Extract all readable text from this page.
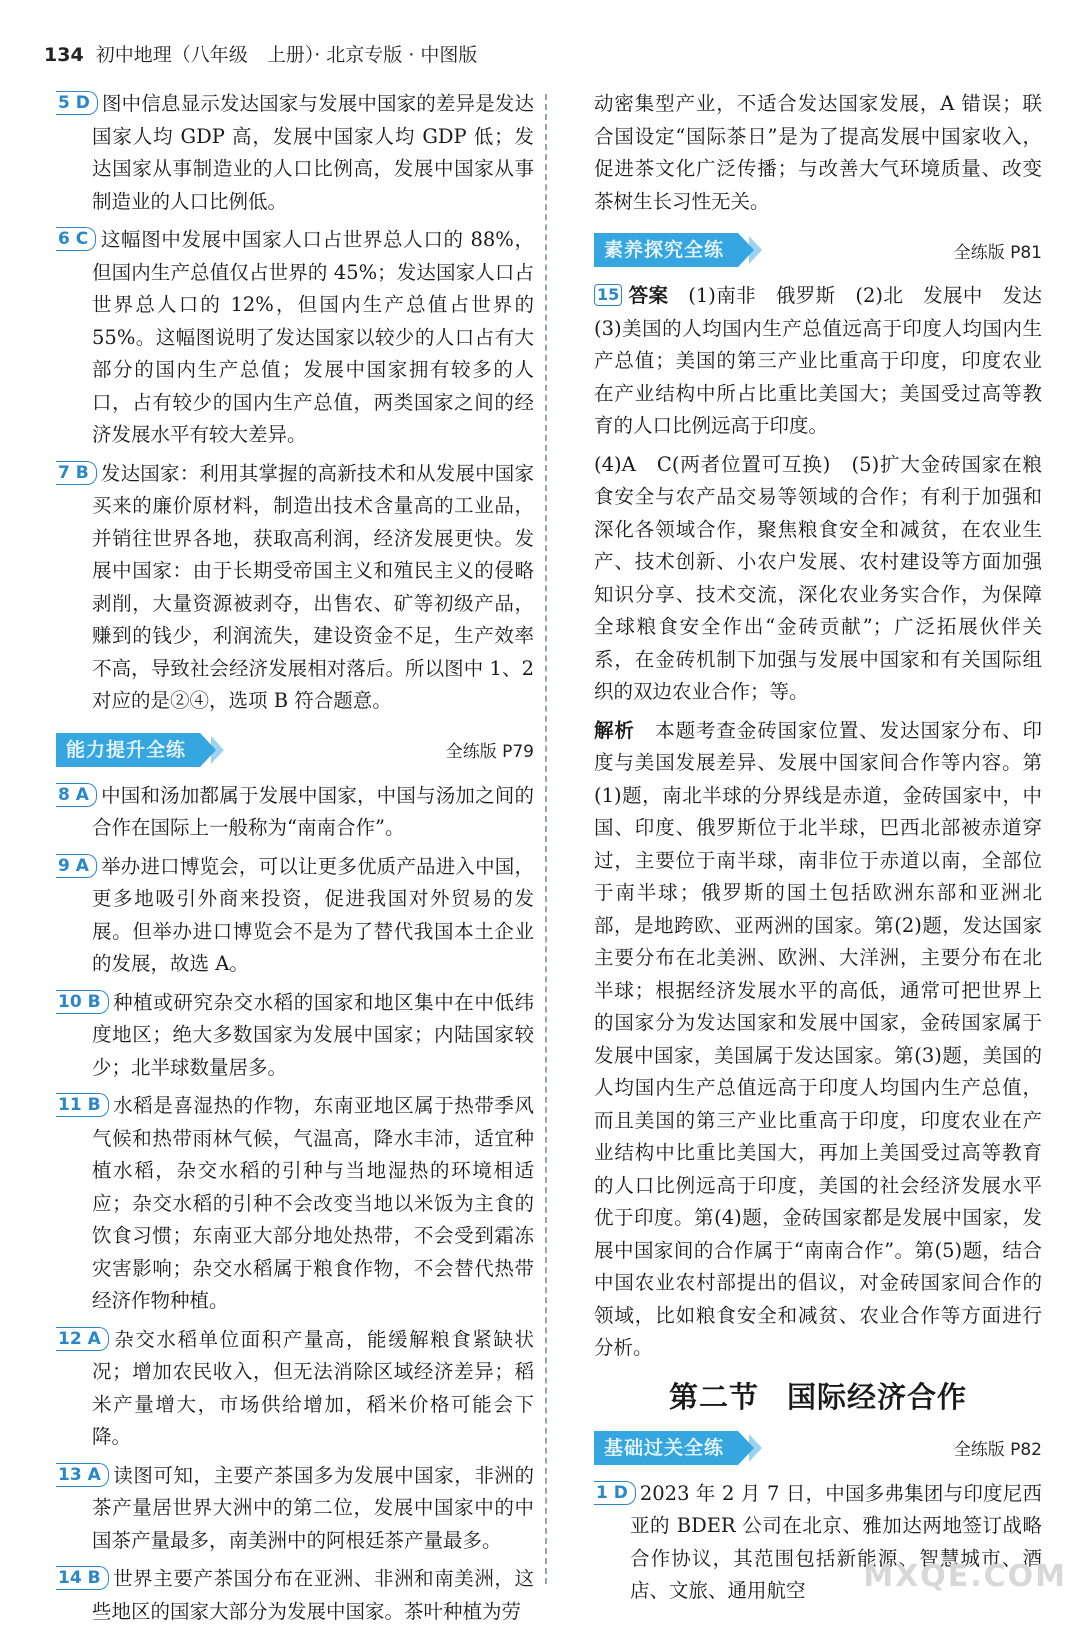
134 初中地理（八年级　上册）· 北京专版 · 中图版

5 D 图中信息显示发达国家与发展中国家的差异是发达国家人均 GDP 高，发展中国家人均 GDP 低；发达国家从事制造业的人口比例高，发展中国家从事制造业的人口比例低。

6 C 这幅图中发展中国家人口占世界总人口的 88%，但国内生产总值仅占世界的 45%；发达国家人口占世界总人口的 12%，但国内生产总值占世界的 55%。这幅图说明了发达国家以较少的人口占有大部分的国内生产总值；发展中国家拥有较多的人口，占有较少的国内生产总值，两类国家之间的经济发展水平有较大差异。

7 B 发达国家：利用其掌握的高新技术和从发展中国家买来的廉价原材料，制造出技术含量高的工业品，并销往世界各地，获取高利润，经济发展更快。发展中国家：由于长期受帝国主义和殖民主义的侵略剥削，大量资源被剥夺，出售农、矿等初级产品，赚到的钱少，利润流失，建设资金不足，生产效率不高，导致社会经济发展相对落后。所以图中 1、2 对应的是②④，选项 B 符合题意。

能力提升全练	全练版 P79

8 A 中国和汤加都属于发展中国家，中国与汤加之间的合作在国际上一般称为“南南合作”。

9 A 举办进口博览会，可以让更多优质产品进入中国，更多地吸引外商来投资，促进我国对外贸易的发展。但举办进口博览会不是为了替代我国本土企业的发展，故选 A。

10 B 种植或研究杂交水稻的国家和地区集中在中低纬度地区；绝大多数国家为发展中国家；内陆国家较少；北半球数量居多。

11 B 水稻是喜湿热的作物，东南亚地区属于热带季风气候和热带雨林气候，气温高，降水丰沛，适宜种植水稻，杂交水稻的引种与当地湿热的环境相适应；杂交水稻的引种不会改变当地以米饭为主食的饮食习惯；东南亚大部分地处热带，不会受到霜冻灾害影响；杂交水稻属于粮食作物，不会替代热带经济作物种植。

12 A 杂交水稻单位面积产量高，能缓解粮食紧缺状况；增加农民收入，但无法消除区域经济差异；稻米产量增大，市场供给增加，稻米价格可能会下降。

13 A 读图可知，主要产茶国多为发展中国家，非洲的茶产量居世界大洲中的第二位，发展中国家中的中国茶产量最多，南美洲中的阿根廷茶产量最多。

14 B 世界主要产茶国分布在亚洲、非洲和南美洲，这些地区的国家大部分为发展中国家。茶叶种植为劳

动密集型产业，不适合发达国家发展，A 错误；联合国设定“国际茶日”是为了提高发展中国家收入，促进茶文化广泛传播；与改善大气环境质量、改变茶树生长习性无关。

素养探究全练	全练版 P81

15 答案　 (1)南非　俄罗斯　(2)北　发展中　发达　(3)美国的人均国内生产总值远高于印度人均国内生产总值；美国的第三产业比重高于印度，印度农业在产业结构中所占比重比美国大；美国受过高等教育的人口比例远高于印度。

(4)A　C(两者位置可互换)　(5)扩大金砖国家在粮食安全与农产品交易等领域的合作；有利于加强和深化各领域合作，聚焦粮食安全和减贫，在农业生产、技术创新、小农户发展、农村建设等方面加强知识分享、技术交流，深化农业务实合作，为保障全球粮食安全作出“金砖贡献”；广泛拓展伙伴关系，在金砖机制下加强与发展中国家和有关国际组织的双边农业合作；等。

解析　 本题考查金砖国家位置、发达国家分布、印度与美国发展差异、发展中国家间合作等内容。第(1)题，南北半球的分界线是赤道，金砖国家中，中国、印度、俄罗斯位于北半球，巴西北部被赤道穿过，主要位于南半球，南非位于赤道以南，全部位于南半球；俄罗斯的国土包括欧洲东部和亚洲北部，是地跨欧、亚两洲的国家。第(2)题，发达国家主要分布在北美洲、欧洲、大洋洲，主要分布在北半球；根据经济发展水平的高低，通常可把世界上的国家分为发达国家和发展中国家，金砖国家属于发展中国家，美国属于发达国家。第(3)题，美国的人均国内生产总值远高于印度人均国内生产总值，而且美国的第三产业比重高于印度，印度农业在产业结构中比重比美国大，再加上美国受过高等教育的人口比例远高于印度，美国的社会经济发展水平优于印度。第(4)题，金砖国家都是发展中国家，发展中国家间的合作属于“南南合作”。第(5)题，结合中国农业农村部提出的倡议，对金砖国家间合作的领域，比如粮食安全和减贫、农业合作等方面进行分析。

第二节 国际经济合作
基础过关全练	全练版 P82

1 D 2023 年 2 月 7 日，中国多弗集团与印度尼西亚的 BDER 公司在北京、雅加达两地签订战略合作协议，其范围包括新能源、智慧城市、酒店、文旅、通用航空	MXQE.COM
